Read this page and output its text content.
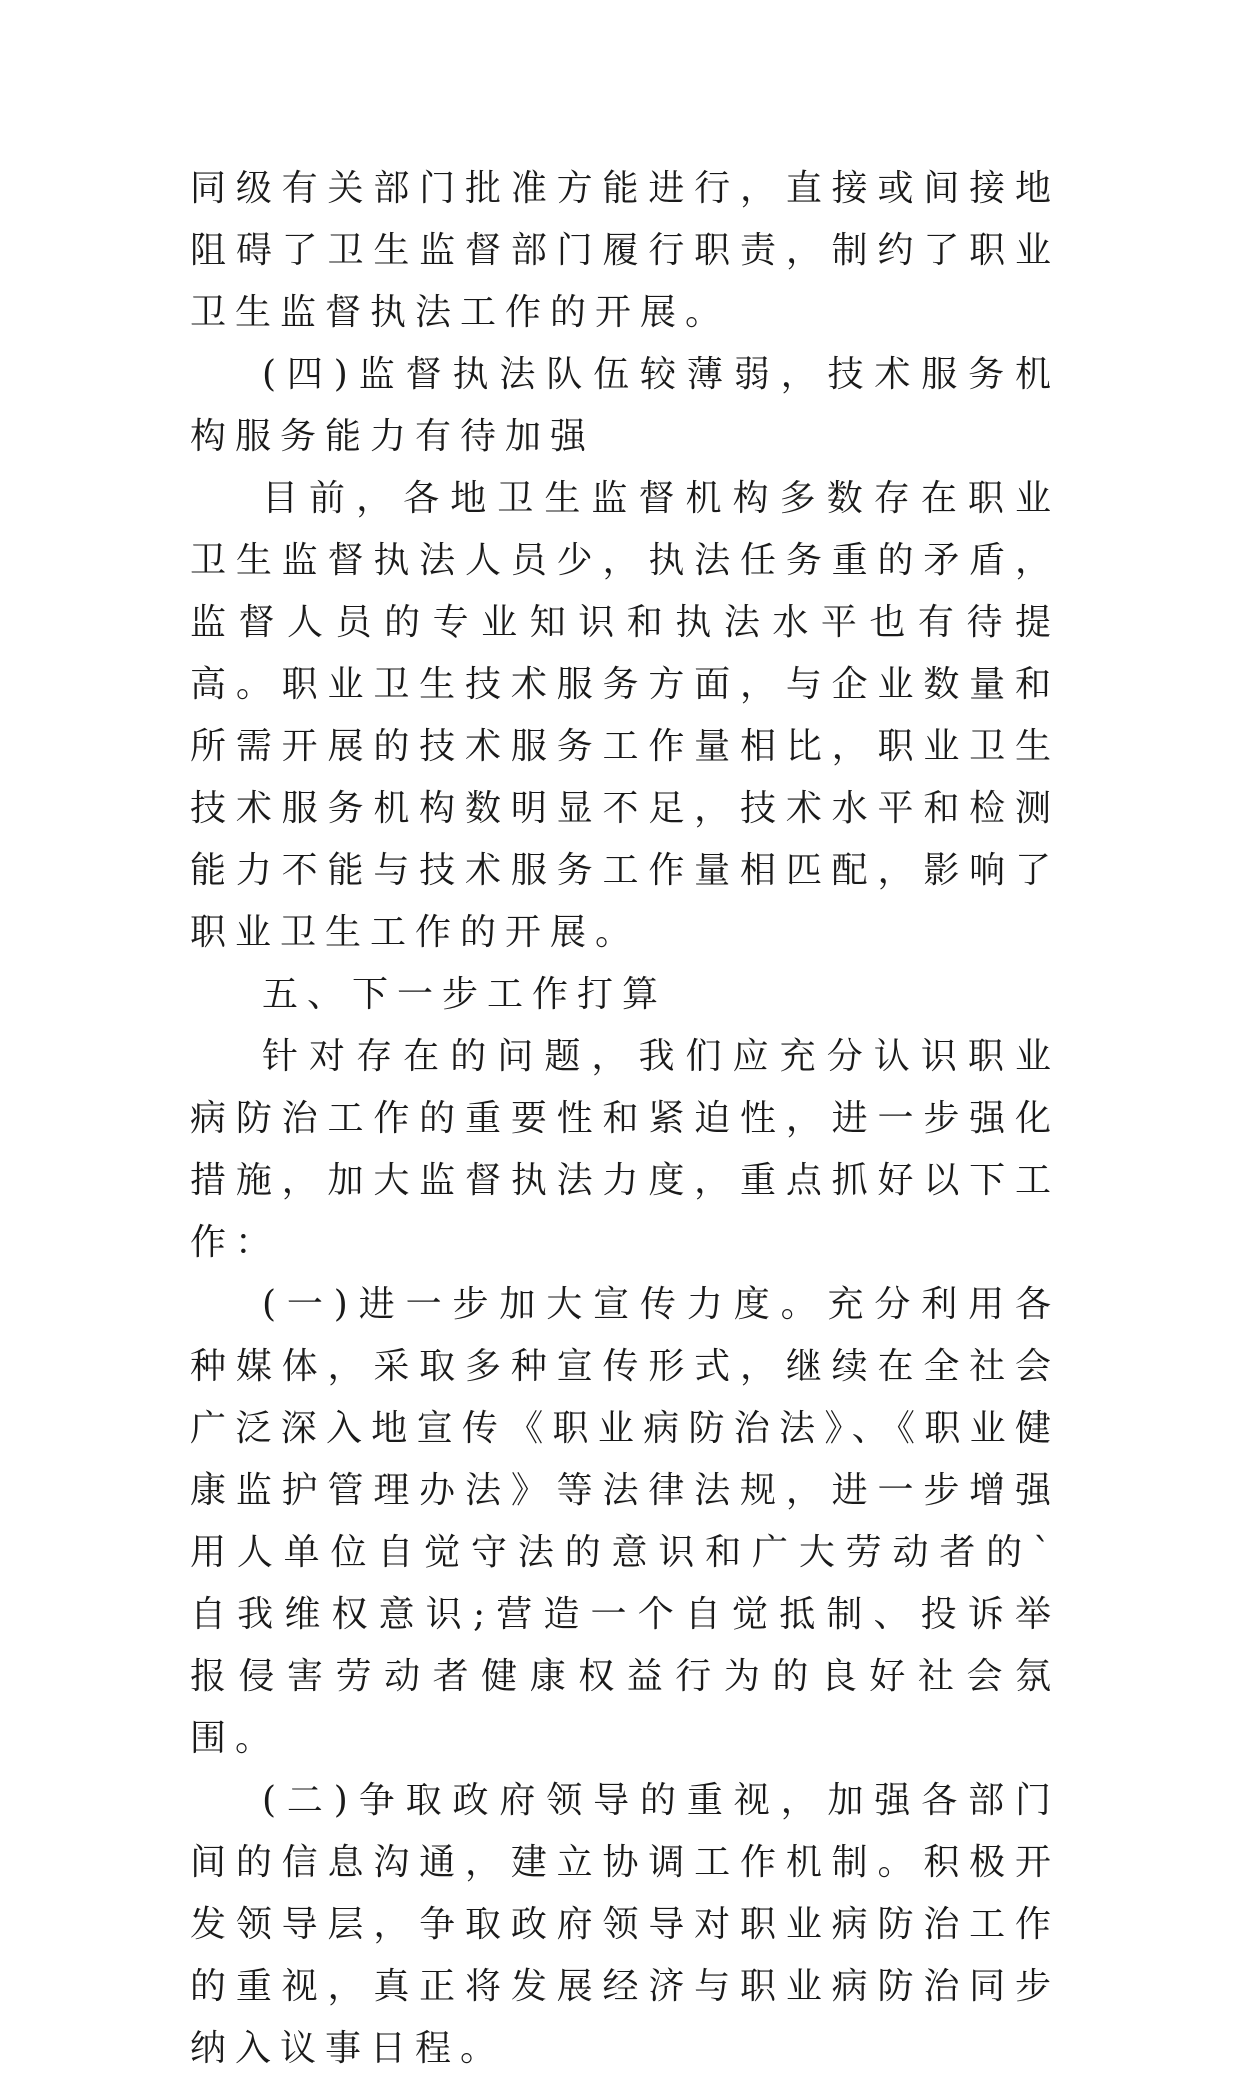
同级有关部门批准方能进行，直接或间接地阻碍了卫生监督部门履行职责，制约了职业卫生监督执法工作的开展。

(四)监督执法队伍较薄弱，技术服务机构服务能力有待加强

目前，各地卫生监督机构多数存在职业卫生监督执法人员少，执法任务重的矛盾，监督人员的专业知识和执法水平也有待提高。职业卫生技术服务方面，与企业数量和所需开展的技术服务工作量相比，职业卫生技术服务机构数明显不足，技术水平和检测能力不能与技术服务工作量相匹配，影响了职业卫生工作的开展。

五、下一步工作打算

针对存在的问题，我们应充分认识职业病防治工作的重要性和紧迫性，进一步强化措施，加大监督执法力度，重点抓好以下工作：

(一)进一步加大宣传力度。充分利用各种媒体，采取多种宣传形式，继续在全社会广泛深入地宣传《职业病防治法》、《职业健康监护管理办法》等法律法规，进一步增强用人单位自觉守法的意识和广大劳动者的`自我维权意识;营造一个自觉抵制、投诉举报侵害劳动者健康权益行为的良好社会氛围。

(二)争取政府领导的重视，加强各部门间的信息沟通，建立协调工作机制。积极开发领导层，争取政府领导对职业病防治工作的重视，真正将发展经济与职业病防治同步纳入议事日程。
